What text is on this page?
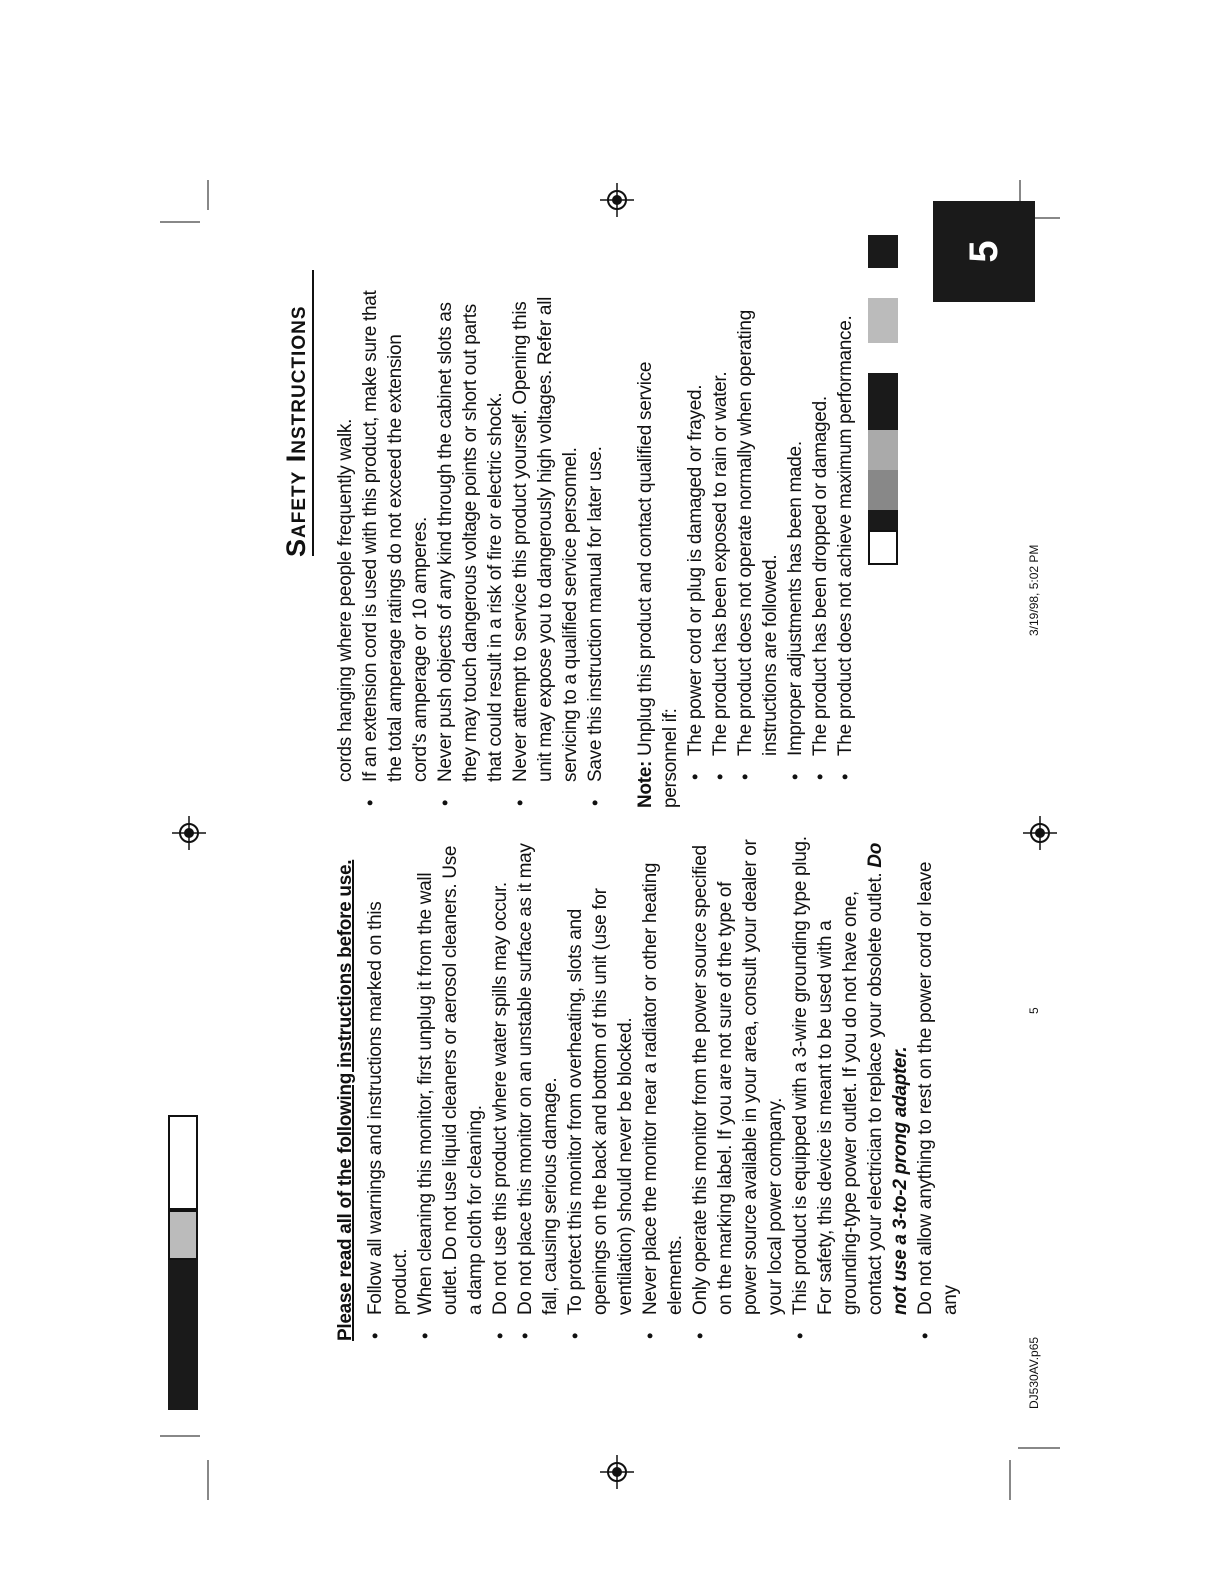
Safety Instructions

Please read all of the following instructions before use. •
Follow all warnings and instructions marked on this product.
•
When cleaning this monitor, first unplug it from the wall outlet. Do not use liquid cleaners or aerosol cleaners. Use a damp cloth for cleaning.
•
Do not use this product where water spills may occur.
•
Do not place this monitor on an unstable surface as it may fall, causing serious damage.
•
To protect this monitor from overheating, slots and openings on the back and bottom of this unit (use for ventilation) should never be blocked.
•
Never place the monitor near a radiator or other heating elements.
•
Only operate this monitor from the power source specified on the marking label. If you are not sure of the type of power source available in your area, consult your dealer or your local power company.
•
This product is equipped with a 3-wire grounding type plug. For safety, this device is meant to be used with a grounding-type power outlet. If you do not have one, contact your electrician to replace your obsolete outlet. Do not use a 3-to-2 prong adapter.
•
Do not allow anything to rest on the power cord or leave any

cords hanging where people frequently walk.

•
If an extension cord is used with this product, make sure that the total amperage ratings do not exceed the extension cord's amperage or 10 amperes.
•
Never push objects of any kind through the cabinet slots as they may touch dangerous voltage points or short out parts that could result in a risk of fire or electric shock.
•
Never attempt to service this product yourself. Opening this unit may expose you to dangerously high voltages. Refer all servicing to a qualified service personnel.
•
Save this instruction manual for later use.

Note: Unplug this product and contact qualified service personnel if: •
The power cord or plug is damaged or frayed.
•
The product has been exposed to rain or water.
•
The product does not operate normally when operating instructions are followed.
•
Improper adjustments has been made.
•
The product has been dropped or damaged.
•
The product does not achieve maximum performance.
5
DJ530AV.p65
5
3/19/98, 5:02 PM
